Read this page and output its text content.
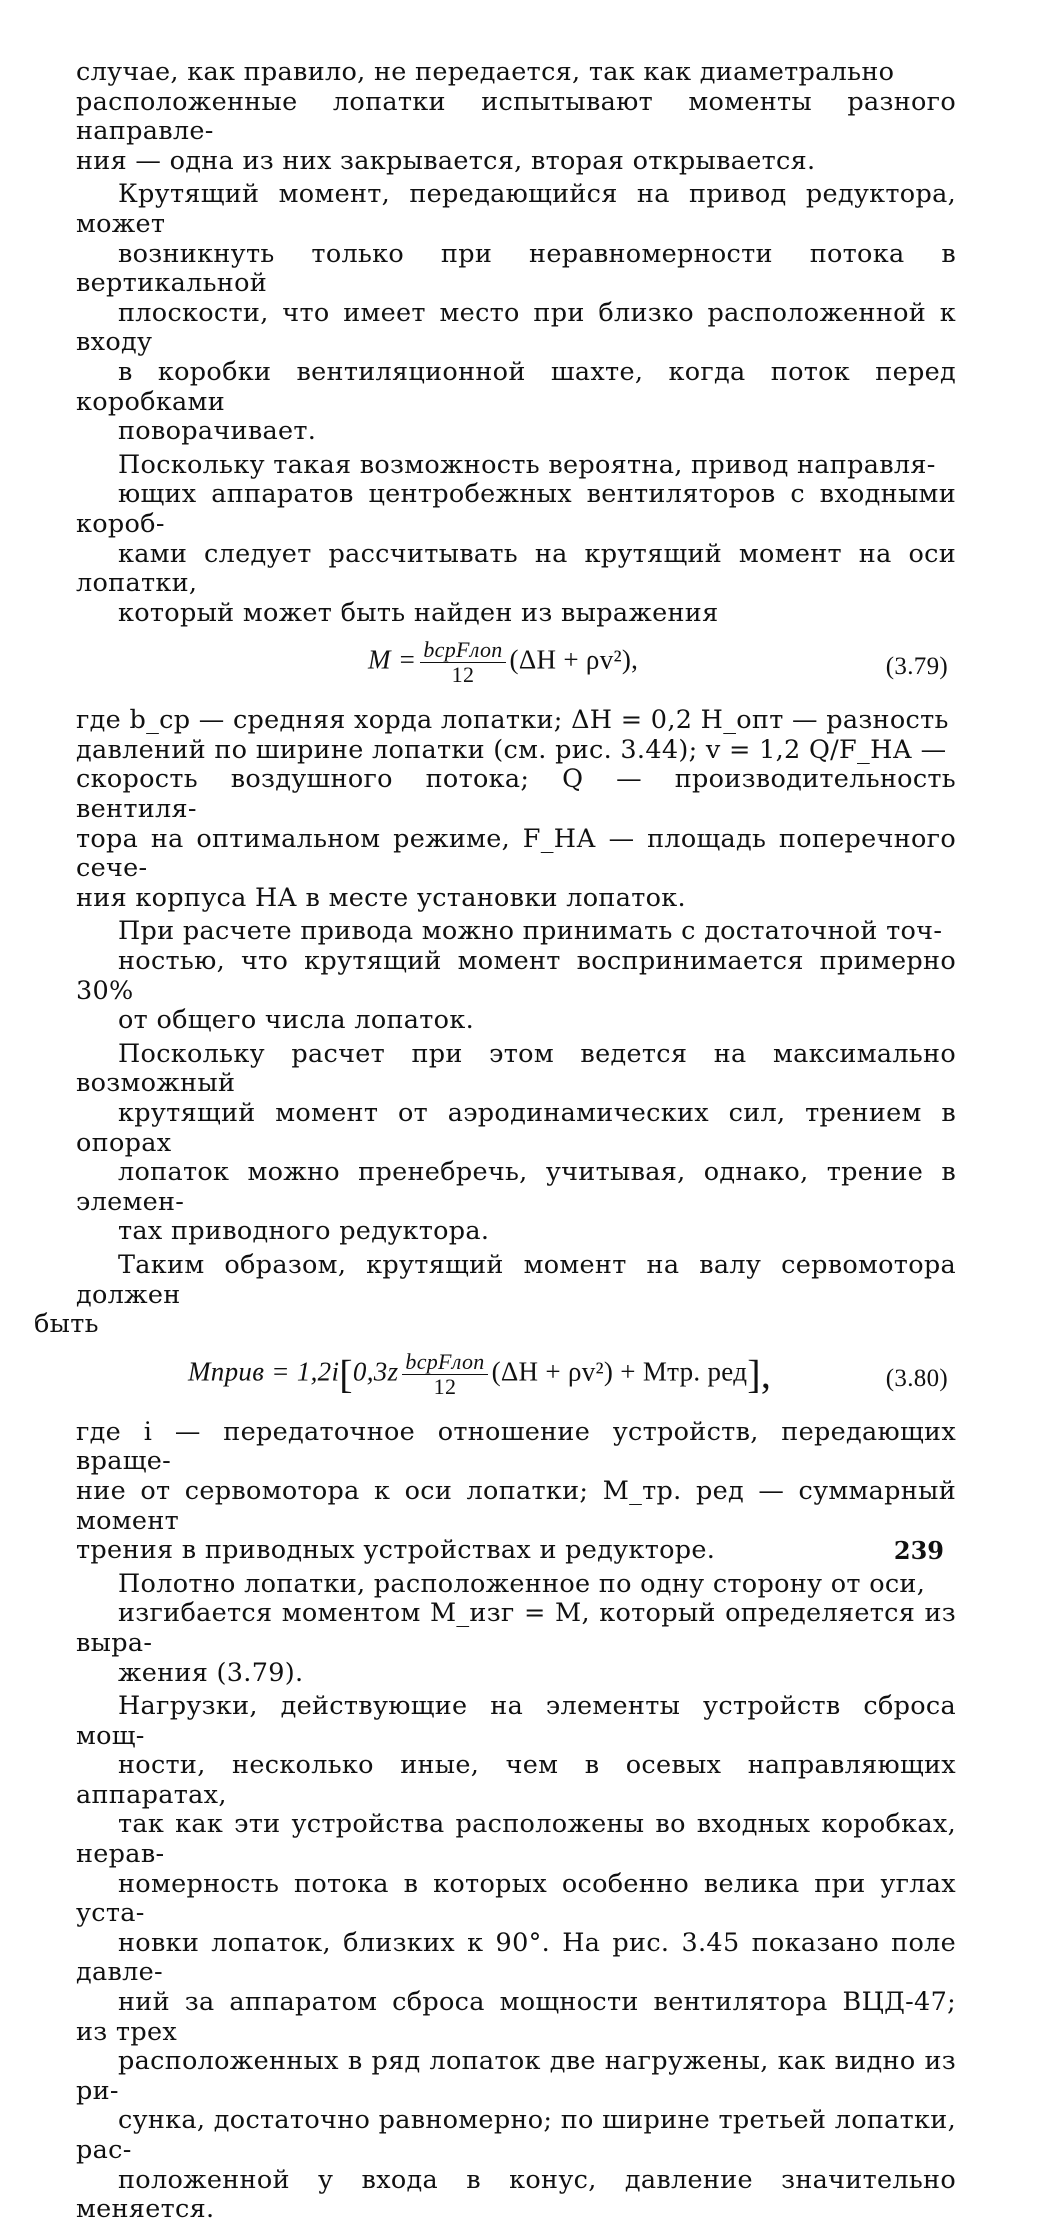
случае, как правило, не передается, так как диаметрально
расположенные лопатки испытывают моменты разного направле-
ния — одна из них закрывается, вторая открывается.

Крутящий момент, передающийся на привод редуктора, может
возникнуть только при неравномерности потока в вертикальной
плоскости, что имеет место при близко расположенной к входу
в коробки вентиляционной шахте, когда поток перед коробками
поворачивает.

Поскольку такая возможность вероятна, привод направля-
ющих аппаратов центробежных вентиляторов с входными короб-
ками следует рассчитывать на крутящий момент на оси лопатки,
который может быть найден из выражения

$M = \frac{\text{bсрFлоп}}{12} (\Delta H + \rho v^2)$,	(3.79)

где b_ср — средняя хорда лопатки; ΔH = 0,2 H_опт — разность
давлений по ширине лопатки (см. рис. 3.44); v = 1,2 Q/F_НА —
скорость воздушного потока; Q — производительность вентиля-
тора на оптимальном режиме, F_НА — площадь поперечного сече-
ния корпуса НА в месте установки лопаток.

При расчете привода можно принимать с достаточной точ-
ностью, что крутящий момент воспринимается примерно 30%
от общего числа лопаток.

Поскольку расчет при этом ведется на максимально возможный
крутящий момент от аэродинамических сил, трением в опорах
лопаток можно пренебречь, учитывая, однако, трение в элемен-
тах приводного редуктора.

Таким образом, крутящий момент на валу сервомотора должен
быть

Mприв = $1,2i[0,3z \frac{\text{bсрFлоп}}{12} (\Delta H + \rho v^2)$ + Mтр. ред],	(3.80)

где i — передаточное отношение устройств, передающих враще-
ние от сервомотора к оси лопатки; M_тр. ред — суммарный момент
трения в приводных устройствах и редукторе.

Полотно лопатки, расположенное по одну сторону от оси,
изгибается моментом M_изг = M, который определяется из выра-
жения (3.79).

Нагрузки, действующие на элементы устройств сброса мощ-
ности, несколько иные, чем в осевых направляющих аппаратах,
так как эти устройства расположены во входных коробках, нерав-
номерность потока в которых особенно велика при углах уста-
новки лопаток, близких к 90°. На рис. 3.45 показано поле давле-
ний за аппаратом сброса мощности вентилятора ВЦД-47; из трех
расположенных в ряд лопаток две нагружены, как видно из ри-
сунка, достаточно равномерно; по ширине третьей лопатки, рас-
положенной у входа в конус, давление значительно меняется.

239
